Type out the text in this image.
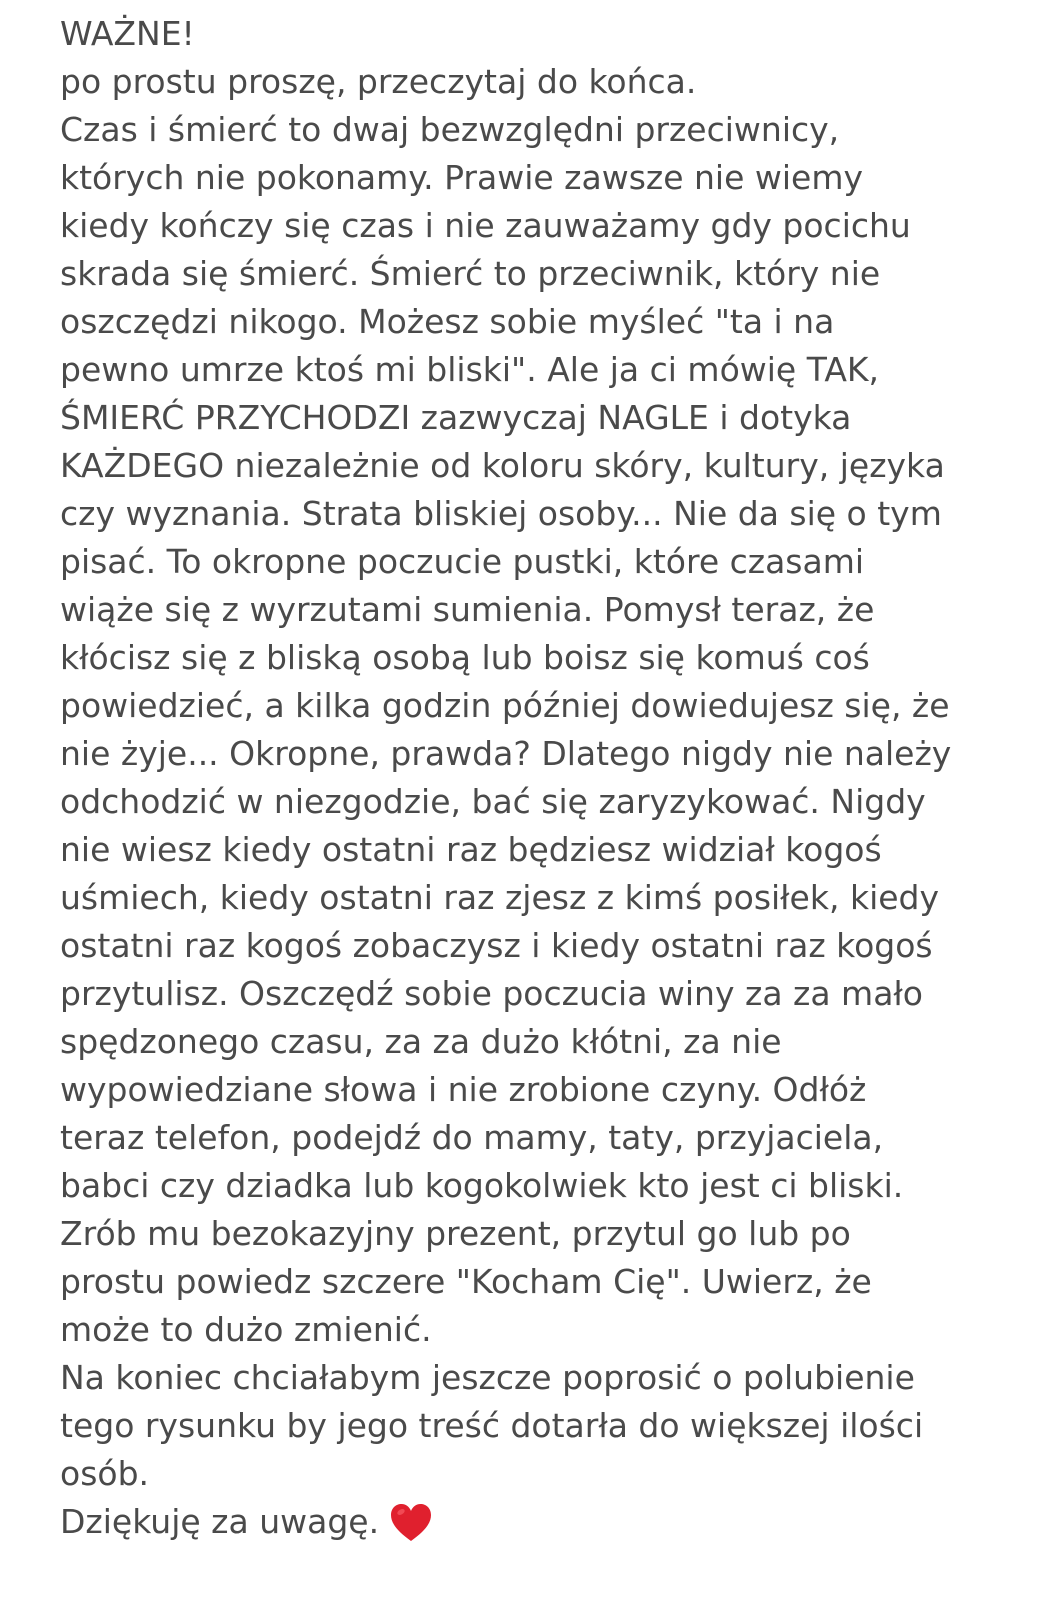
WAŻNE!
po prostu proszę, przeczytaj do końca.
Czas i śmierć to dwaj bezwzględni przeciwnicy,
których nie pokonamy. Prawie zawsze nie wiemy
kiedy kończy się czas i nie zauważamy gdy pocichu
skrada się śmierć. Śmierć to przeciwnik, który nie
oszczędzi nikogo. Możesz sobie myśleć "ta i na
pewno umrze ktoś mi bliski". Ale ja ci mówię TAK,
ŚMIERĆ PRZYCHODZI zazwyczaj NAGLE i dotyka
KAŻDEGO niezależnie od koloru skóry, kultury, języka
czy wyznania. Strata bliskiej osoby... Nie da się o tym
pisać. To okropne poczucie pustki, które czasami
wiąże się z wyrzutami sumienia. Pomysł teraz, że
kłócisz się z bliską osobą lub boisz się komuś coś
powiedzieć, a kilka godzin później dowiedujesz się, że
nie żyje... Okropne, prawda? Dlatego nigdy nie należy
odchodzić w niezgodzie, bać się zaryzykować. Nigdy
nie wiesz kiedy ostatni raz będziesz widział kogoś
uśmiech, kiedy ostatni raz zjesz z kimś posiłek, kiedy
ostatni raz kogoś zobaczysz i kiedy ostatni raz kogoś
przytulisz. Oszczędź sobie poczucia winy za za mało
spędzonego czasu, za za dużo kłótni, za nie
wypowiedziane słowa i nie zrobione czyny. Odłóż
teraz telefon, podejdź do mamy, taty, przyjaciela,
babci czy dziadka lub kogokolwiek kto jest ci bliski.
Zrób mu bezokazyjny prezent, przytul go lub po
prostu powiedz szczere "Kocham Cię". Uwierz, że
może to dużo zmienić.
Na koniec chciałabym jeszcze poprosić o polubienie
tego rysunku by jego treść dotarła do większej ilości
osób.
Dziękuję za uwagę.
